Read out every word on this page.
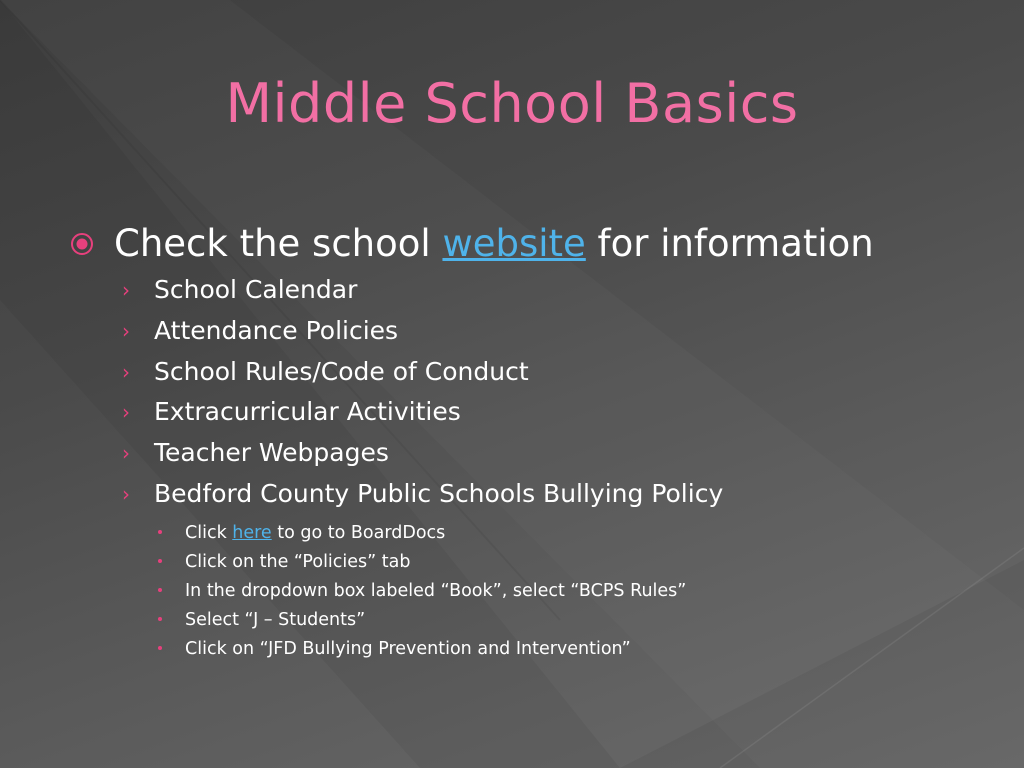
Middle School Basics
Check the school website for information
› School Calendar
› Attendance Policies
› School Rules/Code of Conduct
› Extracurricular Activities
› Teacher Webpages
› Bedford County Public Schools Bullying Policy
Click here to go to BoardDocs
Click on the “Policies” tab
In the dropdown box labeled “Book”, select “BCPS Rules”
Select “J – Students”
Click on “JFD Bullying Prevention and Intervention”
